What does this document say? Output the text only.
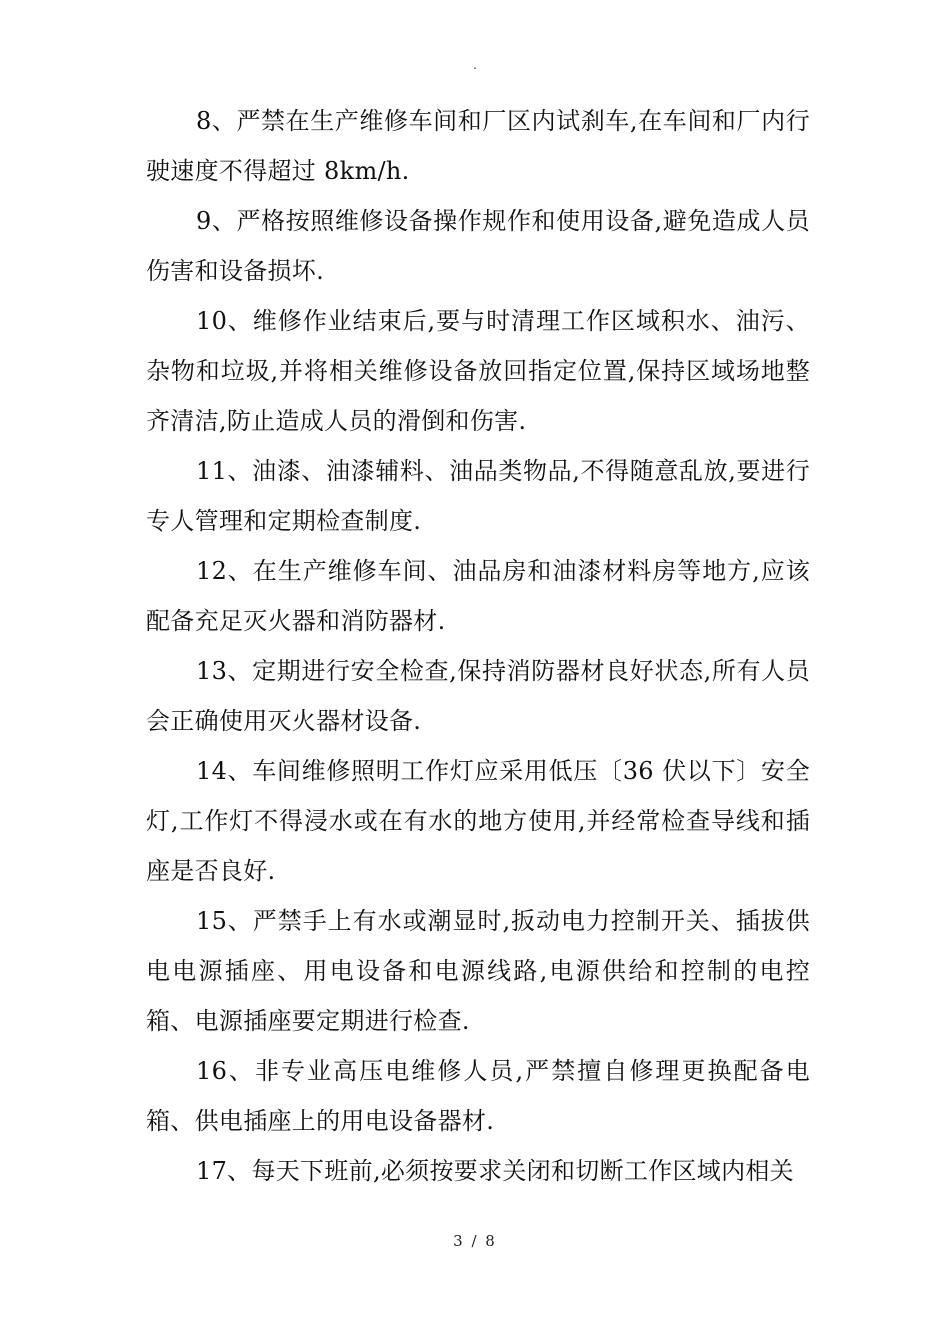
.

8、严禁在生产维修车间和厂区内试刹车,在车间和厂内行驶速度不得超过 8km/h.

9、严格按照维修设备操作规作和使用设备,避免造成人员伤害和设备损坏.

10、维修作业结束后,要与时清理工作区域积水、油污、杂物和垃圾,并将相关维修设备放回指定位置,保持区域场地整齐清洁,防止造成人员的滑倒和伤害.

11、油漆、油漆辅料、油品类物品,不得随意乱放,要进行专人管理和定期检查制度.

12、在生产维修车间、油品房和油漆材料房等地方,应该配备充足灭火器和消防器材.

13、定期进行安全检查,保持消防器材良好状态,所有人员会正确使用灭火器材设备.

14、车间维修照明工作灯应采用低压〔36 伏以下〕安全灯,工作灯不得浸水或在有水的地方使用,并经常检查导线和插座是否良好.

15、严禁手上有水或潮显时,扳动电力控制开关、插拔供电电源插座、用电设备和电源线路,电源供给和控制的电控箱、电源插座要定期进行检查.

16、非专业高压电维修人员,严禁擅自修理更换配备电箱、供电插座上的用电设备器材.

17、每天下班前,必须按要求关闭和切断工作区域内相关

3 / 8
